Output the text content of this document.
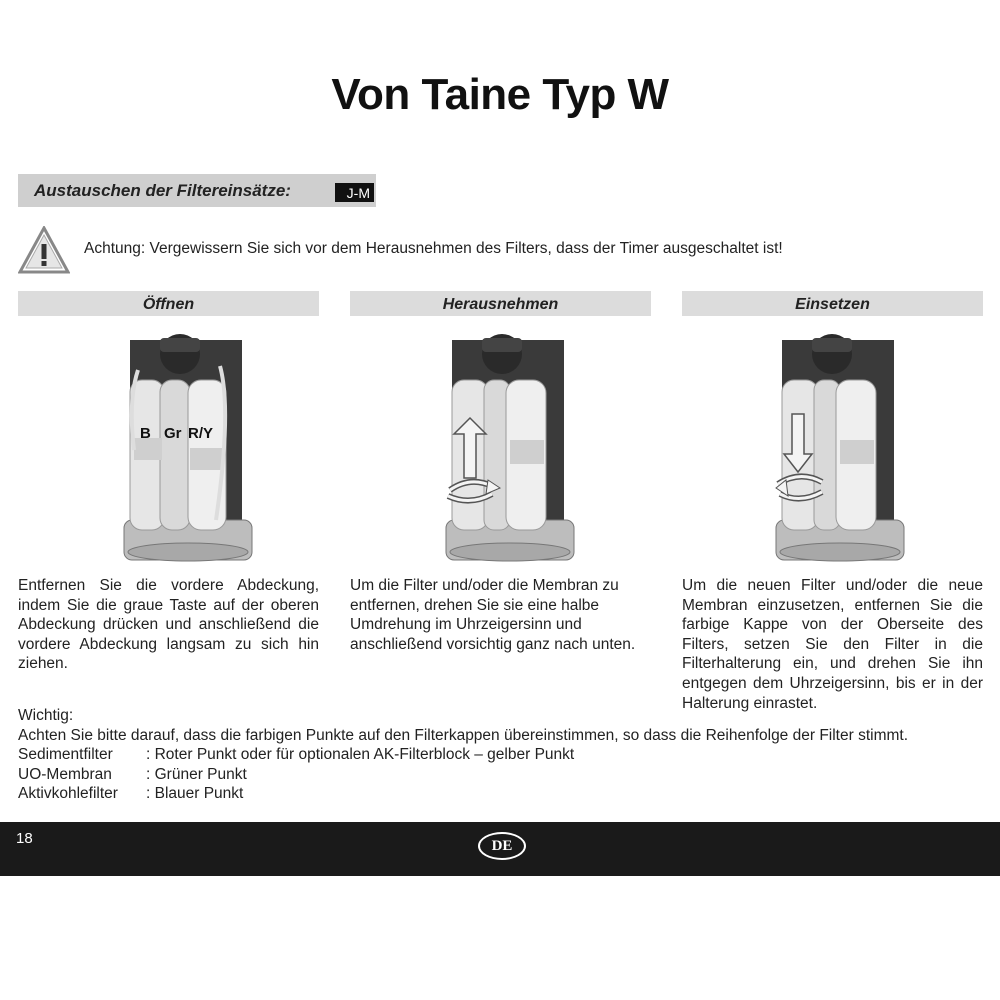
Von Taine Typ W
Austauschen der Filtereinsätze:	J-M
Achtung: Vergewissern Sie sich vor dem Herausnehmen des Filters, dass der Timer ausgeschaltet ist!
Öffnen	Herausnehmen	Einsetzen
B Gr R/Y
Entfernen Sie die vordere Abdeckung, indem Sie die graue Taste auf der oberen Abdeckung drücken und anschließend die vordere Abdeckung langsam zu sich hin ziehen.
Um die Filter und/oder die Membran zu entfernen, drehen Sie sie eine halbe Umdrehung im Uhrzeigersinn und anschließend vorsichtig ganz nach unten.
Um die neuen Filter und/oder die neue Membran einzusetzen, entfernen Sie die farbige Kappe von der Oberseite des Filters, setzen Sie den Filter in die Filterhalterung ein, und drehen Sie ihn entgegen dem Uhrzeigersinn, bis er in der Halterung einrastet.
Wichtig:
Achten Sie bitte darauf, dass die farbigen Punkte auf den Filterkappen übereinstimmen, so dass die Reihenfolge der Filter stimmt.
Sedimentfilter	: Roter Punkt oder für optionalen AK-Filterblock – gelber Punkt
UO-Membran	: Grüner Punkt
Aktivkohlefilter	: Blauer Punkt
18	DE
